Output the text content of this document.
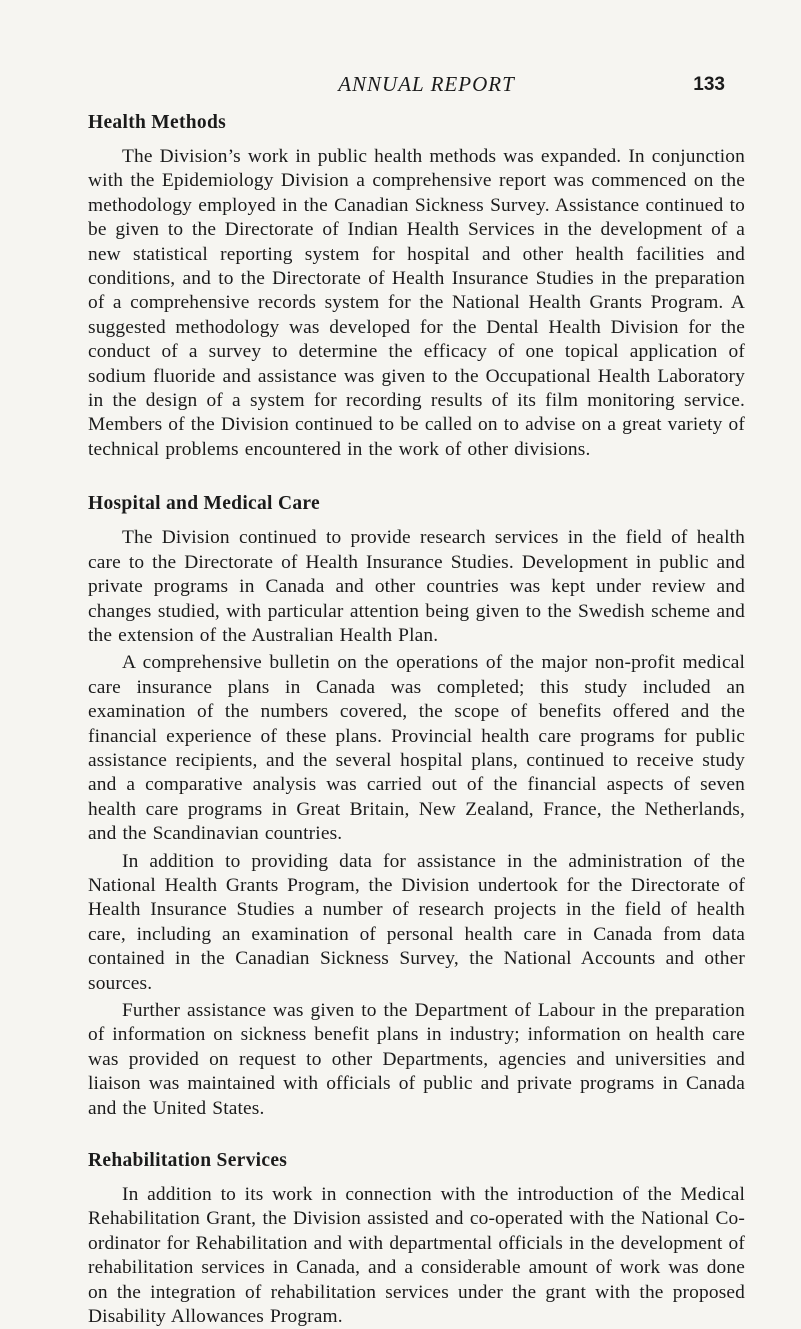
ANNUAL REPORT	133
Health Methods

The Division’s work in public health methods was expanded. In conjunction with the Epidemiology Division a comprehensive report was commenced on the methodology employed in the Canadian Sickness Survey. Assistance continued to be given to the Directorate of Indian Health Services in the development of a new statistical reporting system for hospital and other health facilities and conditions, and to the Directorate of Health Insurance Studies in the preparation of a comprehensive records system for the National Health Grants Program. A suggested methodology was developed for the Dental Health Division for the conduct of a survey to determine the efficacy of one topical application of sodium fluoride and assistance was given to the Occupational Health Laboratory in the design of a system for recording results of its film monitoring service. Members of the Division continued to be called on to advise on a great variety of technical problems encountered in the work of other divisions.

Hospital and Medical Care

The Division continued to provide research services in the field of health care to the Directorate of Health Insurance Studies. Development in public and private programs in Canada and other countries was kept under review and changes studied, with particular attention being given to the Swedish scheme and the extension of the Australian Health Plan.

A comprehensive bulletin on the operations of the major non-profit medical care insurance plans in Canada was completed; this study included an examination of the numbers covered, the scope of benefits offered and the financial experience of these plans. Provincial health care programs for public assistance recipients, and the several hospital plans, continued to receive study and a comparative analysis was carried out of the financial aspects of seven health care programs in Great Britain, New Zealand, France, the Netherlands, and the Scandinavian countries.

In addition to providing data for assistance in the administration of the National Health Grants Program, the Division undertook for the Directorate of Health Insurance Studies a number of research projects in the field of health care, including an examination of personal health care in Canada from data contained in the Canadian Sickness Survey, the National Accounts and other sources.

Further assistance was given to the Department of Labour in the preparation of information on sickness benefit plans in industry; information on health care was provided on request to other Departments, agencies and universities and liaison was maintained with officials of public and private programs in Canada and the United States.

Rehabilitation Services

In addition to its work in connection with the introduction of the Medical Rehabilitation Grant, the Division assisted and co-operated with the National Co-ordinator for Rehabilitation and with departmental officials in the development of rehabilitation services in Canada, and a considerable amount of work was done on the integration of rehabilitation services under the grant with the proposed Disability Allowances Program.
